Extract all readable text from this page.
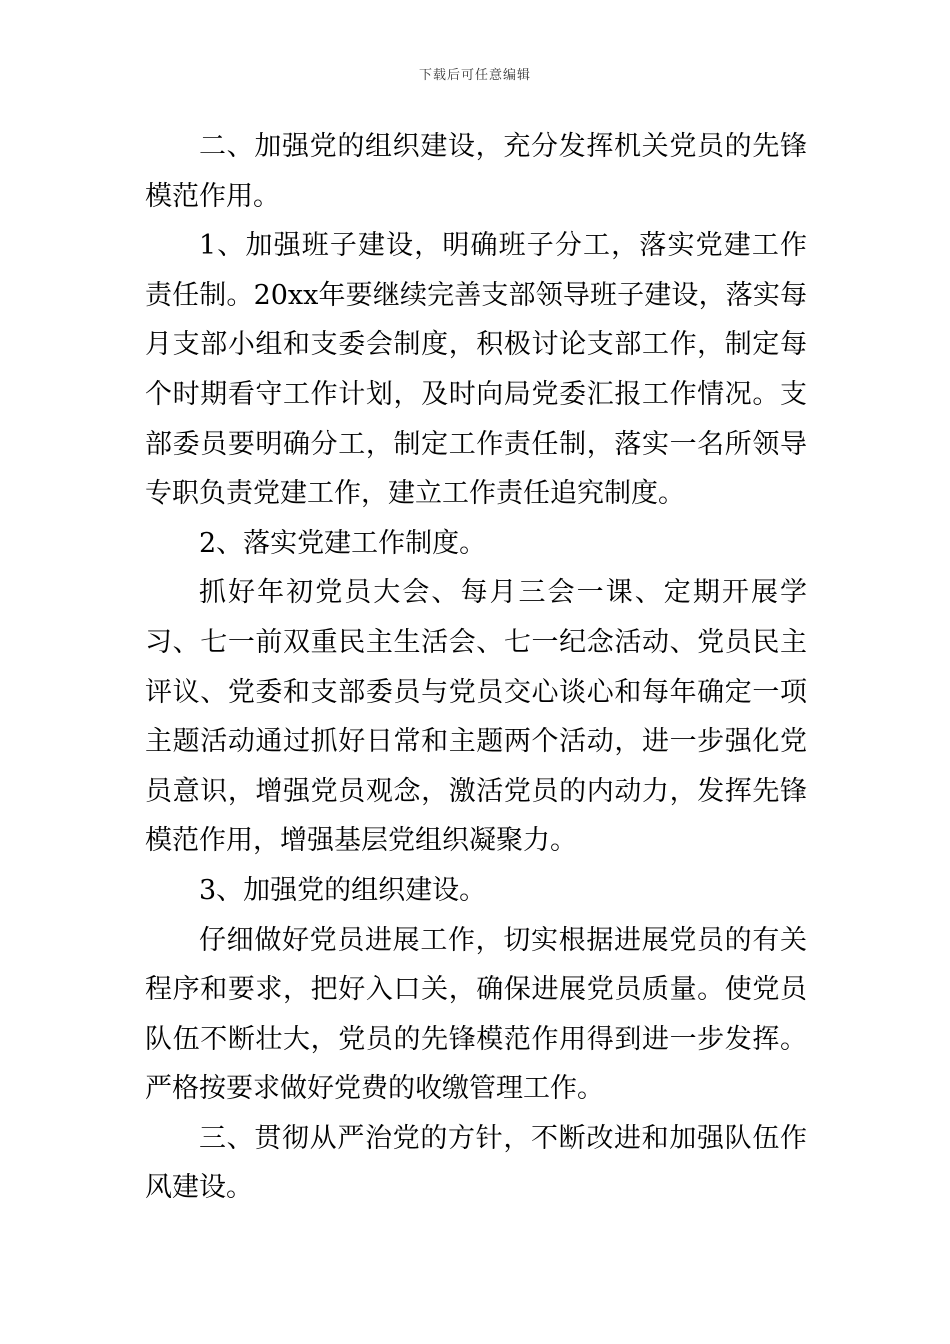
下载后可任意编辑

二、加强党的组织建设，充分发挥机关党员的先锋模范作用。

1、加强班子建设，明确班子分工，落实党建工作责任制。20xx年要继续完善支部领导班子建设，落实每月支部小组和支委会制度，积极讨论支部工作，制定每个时期看守工作计划，及时向局党委汇报工作情况。支部委员要明确分工，制定工作责任制，落实一名所领导专职负责党建工作，建立工作责任追究制度。

2、落实党建工作制度。

抓好年初党员大会、每月三会一课、定期开展学习、七一前双重民主生活会、七一纪念活动、党员民主评议、党委和支部委员与党员交心谈心和每年确定一项主题活动通过抓好日常和主题两个活动，进一步强化党员意识，增强党员观念，激活党员的内动力，发挥先锋模范作用，增强基层党组织凝聚力。

3、加强党的组织建设。

仔细做好党员进展工作，切实根据进展党员的有关程序和要求，把好入口关，确保进展党员质量。使党员队伍不断壮大，党员的先锋模范作用得到进一步发挥。严格按要求做好党费的收缴管理工作。

三、贯彻从严治党的方针，不断改进和加强队伍作风建设。
